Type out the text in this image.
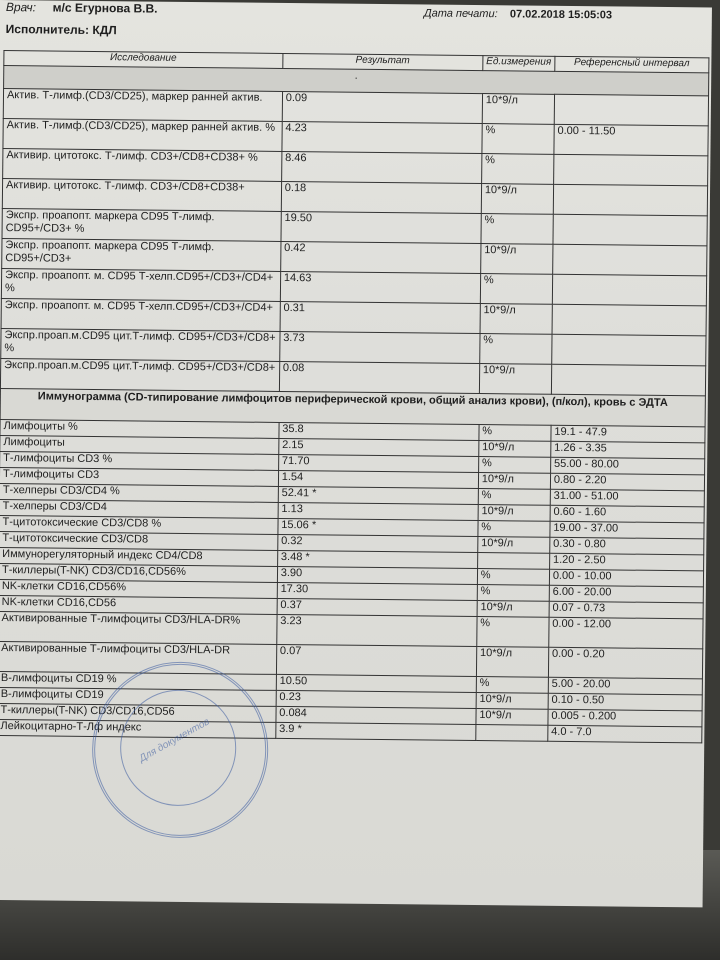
Врач: м/с Егурнова В.В.	Дата печати: 07.02.2018 15:05:03
Исполнитель: КДЛ
Исследование	Результат	Ед.измерения	Референсный интервал
.			
Актив. Т-лимф.(CD3/CD25), маркер ранней актив.	0.09	10*9/л	
Актив. Т-лимф.(CD3/CD25), маркер ранней актив. %	4.23	%	0.00 - 11.50
Активир. цитотокс. Т-лимф. CD3+/CD8+CD38+ %	8.46	%	
Активир. цитотокс. Т-лимф. CD3+/CD8+CD38+	0.18	10*9/л	
Экспр. проапопт. маркера CD95 Т-лимф. CD95+/CD3+ %	19.50	%	
Экспр. проапопт. маркера CD95 Т-лимф. CD95+/CD3+	0.42	10*9/л	
Экспр. проапопт. м. CD95 Т-хелп.CD95+/CD3+/CD4+ %	14.63	%	
Экспр. проапопт. м. CD95 Т-хелп.CD95+/CD3+/CD4+	0.31	10*9/л	
Экспр.проап.м.CD95 цит.Т-лимф. CD95+/CD3+/CD8+ %	3.73	%	
Экспр.проап.м.CD95 цит.Т-лимф. CD95+/CD3+/CD8+	0.08	10*9/л	
Иммунограмма (CD-типирование лимфоцитов периферической крови, общий анализ крови), (п/кол), кровь с ЭДТА			
Лимфоциты %	35.8	%	19.1 - 47.9
Лимфоциты	2.15	10*9/л	1.26 - 3.35
Т-лимфоциты CD3 %	71.70	%	55.00 - 80.00
Т-лимфоциты CD3	1.54	10*9/л	0.80 - 2.20
Т-хелперы CD3/CD4 %	52.41 *	%	31.00 - 51.00
Т-хелперы CD3/CD4	1.13	10*9/л	0.60 - 1.60
Т-цитотоксические CD3/CD8 %	15.06 *	%	19.00 - 37.00
Т-цитотоксические CD3/CD8	0.32	10*9/л	0.30 - 0.80
Иммунорегуляторный индекс CD4/CD8	3.48 *		1.20 - 2.50
Т-киллеры(T-NK) CD3/CD16,CD56%	3.90	%	0.00 - 10.00
NK-клетки CD16,CD56%	17.30	%	6.00 - 20.00
NK-клетки CD16,CD56	0.37	10*9/л	0.07 - 0.73
Активированные Т-лимфоциты CD3/HLA-DR%	3.23	%	0.00 - 12.00
Активированные Т-лимфоциты CD3/HLA-DR	0.07	10*9/л	0.00 - 0.20
В-лимфоциты CD19 %	10.50	%	5.00 - 20.00
В-лимфоциты CD19	0.23	10*9/л	0.10 - 0.50
Т-киллеры(T-NK) CD3/CD16,CD56	0.084	10*9/л	0.005 - 0.200
Лейкоцитарно-Т-Лф индекс	3.9 *		4.0 - 7.0
Для документов
